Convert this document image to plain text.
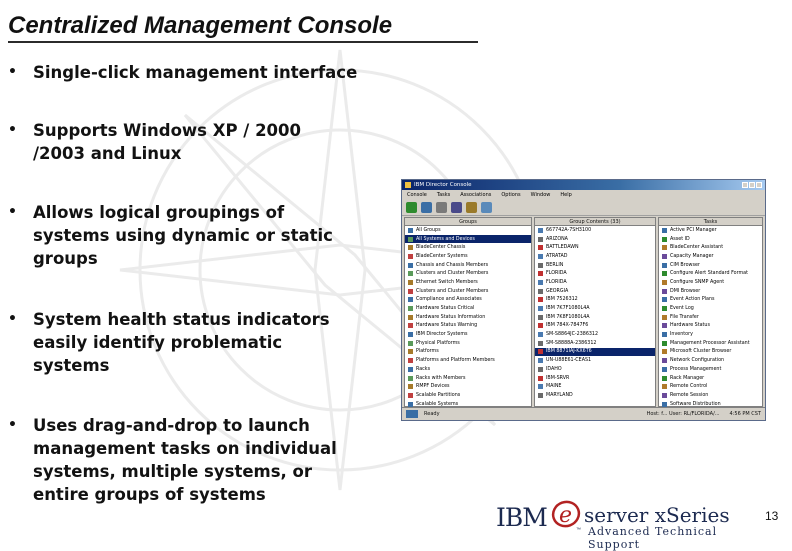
Centralized Management Console
• Single-click management interface
• Supports Windows XP / 2000 /2003 and Linux
• Allows logical groupings of systems using dynamic or static groups
• System health status indicators easily identify problematic systems
• Uses drag-and-drop to launch management tasks on individual systems, multiple systems, or entire groups of systems
IBM Director Console
Console Tasks Associations Options Window Help
Groups
All Groups
All Systems and Devices
BladeCenter Chassis
BladeCenter Systems
Chassis and Chassis Members
Clusters and Cluster Members
Ethernet Switch Members
Clusters and Cluster Members
Compliance and Associates
Hardware Status Critical
Hardware Status Information
Hardware Status Warning
IBM Director Systems
Physical Platforms
Platforms
Platforms and Platform Members
Racks
Racks with Members
RMPF Devices
Scalable Partitions
Scalable Systems
Group Contents (33)
667742A-7SH3100
ARIZONA
BATTLEDAWN
ATRATAD
BERLIN
FLORIDA
FLORIDA
GEORGIA
IBM 7526312
IBM 7K7F1080L4A
IBM 7K8F1080L4A
IBM 784X-7847F6
SM-S8864JC-2386312
SM-S8888A-2386312
IBM 8871IAJ-KX6T6
UN-U88E61-CEAS1
IDAHO
IBM-SRVR
MAINE
MARYLAND
Tasks
Active PCI Manager
Asset ID
BladeCenter Assistant
Capacity Manager
CIM Browser
Configure Alert Standard Format
Configure SNMP Agent
DMI Browser
Event Action Plans
Event Log
File Transfer
Hardware Status
Inventory
Management Processor Assistant
Microsoft Cluster Browser
Network Configuration
Process Management
Rack Manager
Remote Control
Remote Session
Software Distribution
Ready	Host: f... User: RL/FLORIDA/... 4:56 PM CST
IBM e server xSeries
™ Advanced Technical Support
13
